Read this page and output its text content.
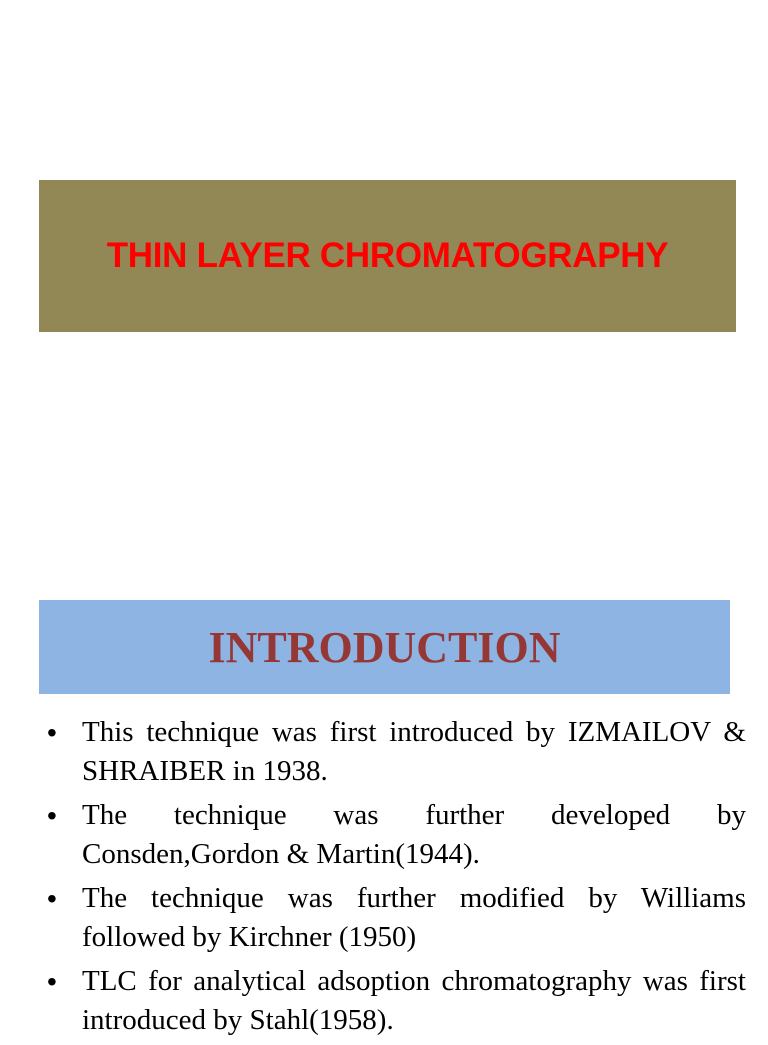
THIN LAYER CHROMATOGRAPHY
INTRODUCTION
• This technique was first introduced by IZMAILOV & SHRAIBER in 1938.
• The technique was further developed by Consden,Gordon & Martin(1944).
• The technique was further modified by Williams followed by Kirchner (1950)
• TLC for analytical adsoption chromatography was first introduced by Stahl(1958).
